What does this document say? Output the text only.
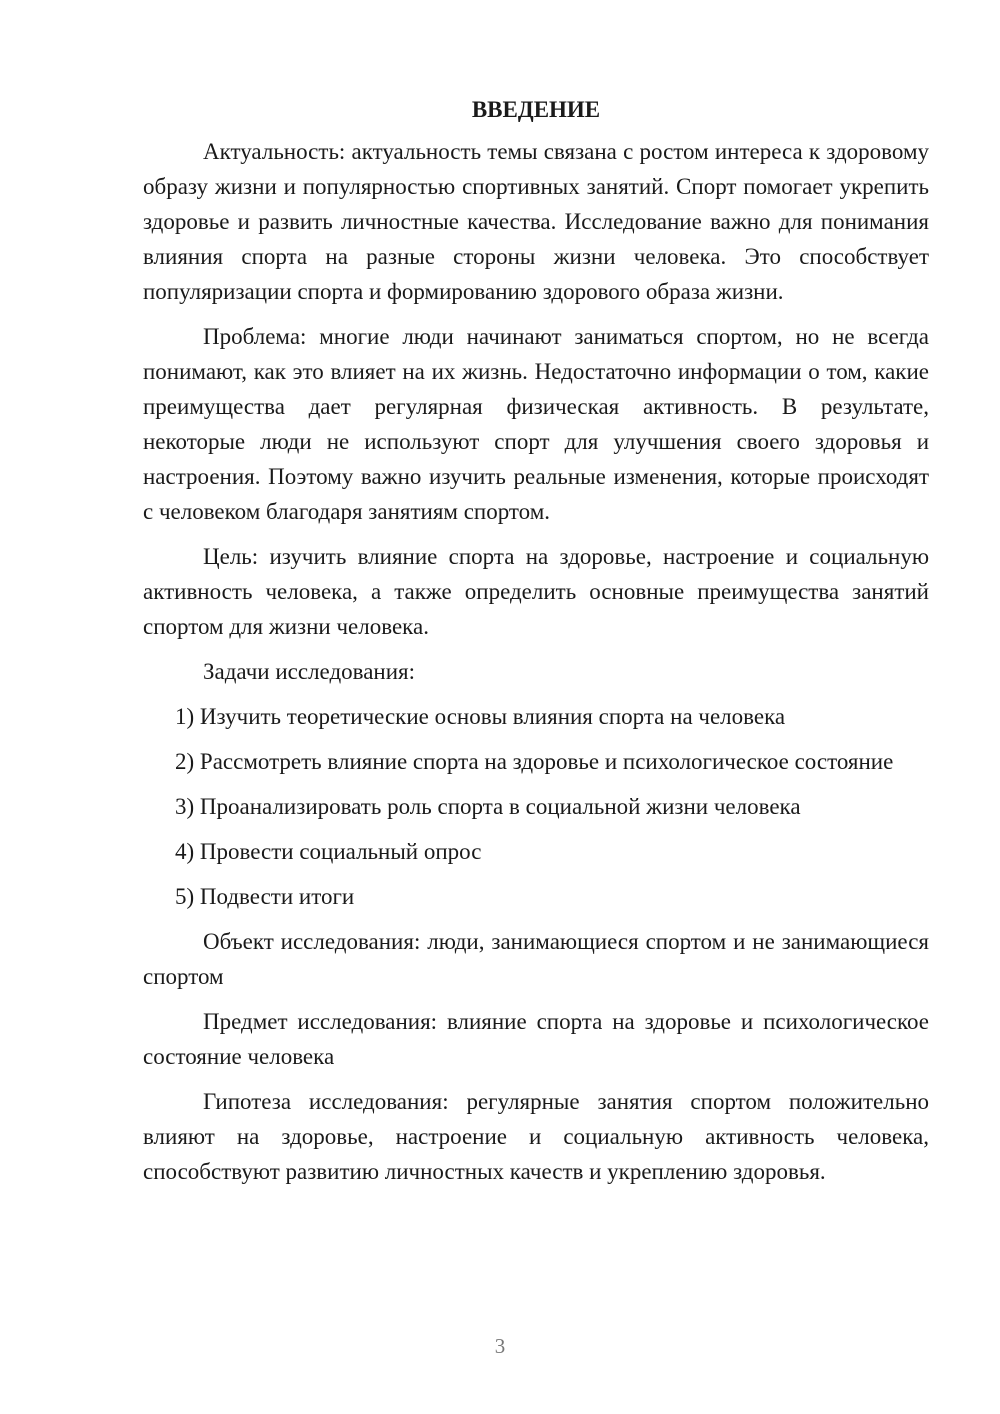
ВВЕДЕНИЕ

Актуальность: актуальность темы связана с ростом интереса к здоровому образу жизни и популярностью спортивных занятий. Спорт помогает укрепить здоровье и развить личностные качества. Исследование важно для понимания влияния спорта на разные стороны жизни человека. Это способствует популяризации спорта и формированию здорового образа жизни.

Проблема: многие люди начинают заниматься спортом, но не всегда понимают, как это влияет на их жизнь. Недостаточно информации о том, какие преимущества дает регулярная физическая активность. В результате, некоторые люди не используют спорт для улучшения своего здоровья и настроения. Поэтому важно изучить реальные изменения, которые происходят с человеком благодаря занятиям спортом.

Цель: изучить влияние спорта на здоровье, настроение и социальную активность человека, а также определить основные преимущества занятий спортом для жизни человека.

Задачи исследования:

1) Изучить теоретические основы влияния спорта на человека

2) Рассмотреть влияние спорта на здоровье и психологическое состояние

3) Проанализировать роль спорта в социальной жизни человека

4) Провести социальный опрос

5) Подвести итоги

Объект исследования: люди, занимающиеся спортом и не занимающиеся спортом

Предмет исследования: влияние спорта на здоровье и психологическое состояние человека

Гипотеза исследования: регулярные занятия спортом положительно влияют на здоровье, настроение и социальную активность человека, способствуют развитию личностных качеств и укреплению здоровья.

3
